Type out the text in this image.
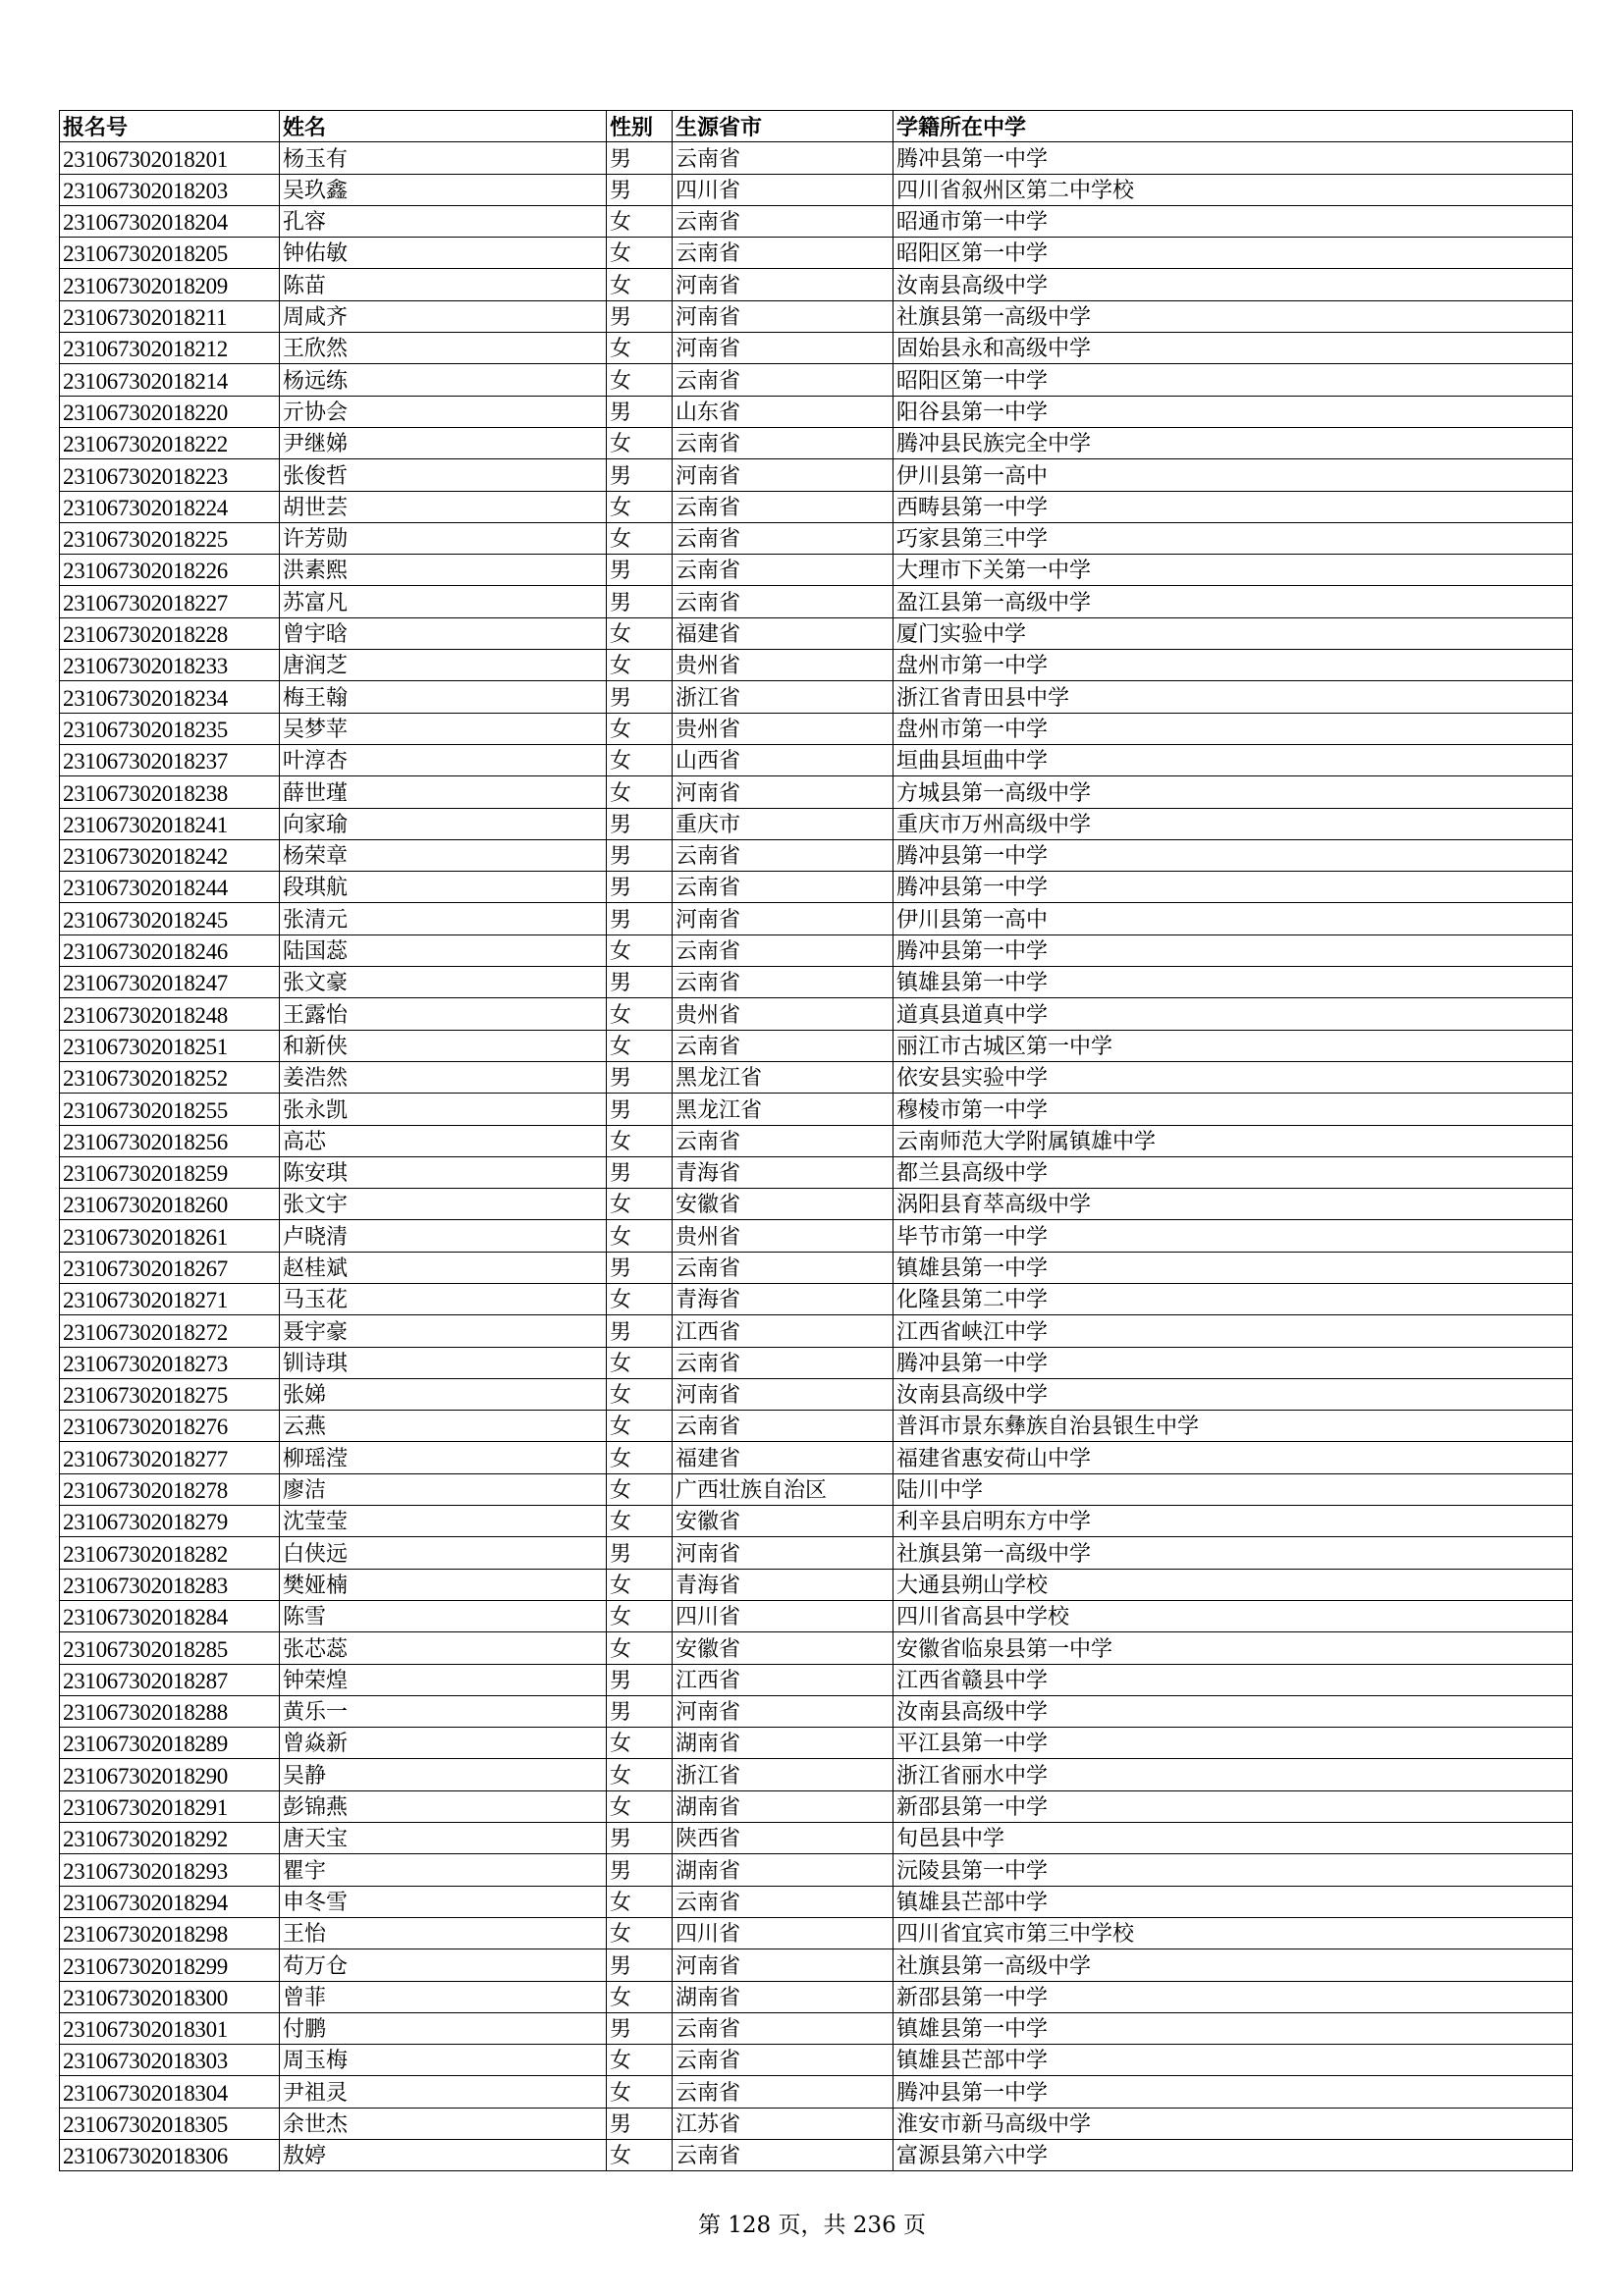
报名号	姓名	性别	生源省市	学籍所在中学
231067302018201	杨玉有	男	云南省	腾冲县第一中学
231067302018203	吴玖鑫	男	四川省	四川省叙州区第二中学校
231067302018204	孔容	女	云南省	昭通市第一中学
231067302018205	钟佑敏	女	云南省	昭阳区第一中学
231067302018209	陈苗	女	河南省	汝南县高级中学
231067302018211	周咸齐	男	河南省	社旗县第一高级中学
231067302018212	王欣然	女	河南省	固始县永和高级中学
231067302018214	杨远练	女	云南省	昭阳区第一中学
231067302018220	亓协会	男	山东省	阳谷县第一中学
231067302018222	尹继娣	女	云南省	腾冲县民族完全中学
231067302018223	张俊哲	男	河南省	伊川县第一高中
231067302018224	胡世芸	女	云南省	西畴县第一中学
231067302018225	许芳勋	女	云南省	巧家县第三中学
231067302018226	洪素熙	男	云南省	大理市下关第一中学
231067302018227	苏富凡	男	云南省	盈江县第一高级中学
231067302018228	曾宇晗	女	福建省	厦门实验中学
231067302018233	唐润芝	女	贵州省	盘州市第一中学
231067302018234	梅王翰	男	浙江省	浙江省青田县中学
231067302018235	吴梦苹	女	贵州省	盘州市第一中学
231067302018237	叶淳杏	女	山西省	垣曲县垣曲中学
231067302018238	薛世瑾	女	河南省	方城县第一高级中学
231067302018241	向家瑜	男	重庆市	重庆市万州高级中学
231067302018242	杨荣章	男	云南省	腾冲县第一中学
231067302018244	段琪航	男	云南省	腾冲县第一中学
231067302018245	张清元	男	河南省	伊川县第一高中
231067302018246	陆国蕊	女	云南省	腾冲县第一中学
231067302018247	张文豪	男	云南省	镇雄县第一中学
231067302018248	王露怡	女	贵州省	道真县道真中学
231067302018251	和新侠	女	云南省	丽江市古城区第一中学
231067302018252	姜浩然	男	黑龙江省	依安县实验中学
231067302018255	张永凯	男	黑龙江省	穆棱市第一中学
231067302018256	高芯	女	云南省	云南师范大学附属镇雄中学
231067302018259	陈安琪	男	青海省	都兰县高级中学
231067302018260	张文宇	女	安徽省	涡阳县育萃高级中学
231067302018261	卢晓清	女	贵州省	毕节市第一中学
231067302018267	赵桂斌	男	云南省	镇雄县第一中学
231067302018271	马玉花	女	青海省	化隆县第二中学
231067302018272	聂宇豪	男	江西省	江西省峡江中学
231067302018273	钏诗琪	女	云南省	腾冲县第一中学
231067302018275	张娣	女	河南省	汝南县高级中学
231067302018276	云燕	女	云南省	普洱市景东彝族自治县银生中学
231067302018277	柳瑶滢	女	福建省	福建省惠安荷山中学
231067302018278	廖洁	女	广西壮族自治区	陆川中学
231067302018279	沈莹莹	女	安徽省	利辛县启明东方中学
231067302018282	白侠远	男	河南省	社旗县第一高级中学
231067302018283	樊娅楠	女	青海省	大通县朔山学校
231067302018284	陈雪	女	四川省	四川省高县中学校
231067302018285	张芯蕊	女	安徽省	安徽省临泉县第一中学
231067302018287	钟荣煌	男	江西省	江西省赣县中学
231067302018288	黄乐一	男	河南省	汝南县高级中学
231067302018289	曾焱新	女	湖南省	平江县第一中学
231067302018290	吴静	女	浙江省	浙江省丽水中学
231067302018291	彭锦燕	女	湖南省	新邵县第一中学
231067302018292	唐天宝	男	陕西省	旬邑县中学
231067302018293	瞿宇	男	湖南省	沅陵县第一中学
231067302018294	申冬雪	女	云南省	镇雄县芒部中学
231067302018298	王怡	女	四川省	四川省宜宾市第三中学校
231067302018299	苟万仓	男	河南省	社旗县第一高级中学
231067302018300	曾菲	女	湖南省	新邵县第一中学
231067302018301	付鹏	男	云南省	镇雄县第一中学
231067302018303	周玉梅	女	云南省	镇雄县芒部中学
231067302018304	尹祖灵	女	云南省	腾冲县第一中学
231067302018305	余世杰	男	江苏省	淮安市新马高级中学
231067302018306	敖婷	女	云南省	富源县第六中学
第 128 页，共 236 页
